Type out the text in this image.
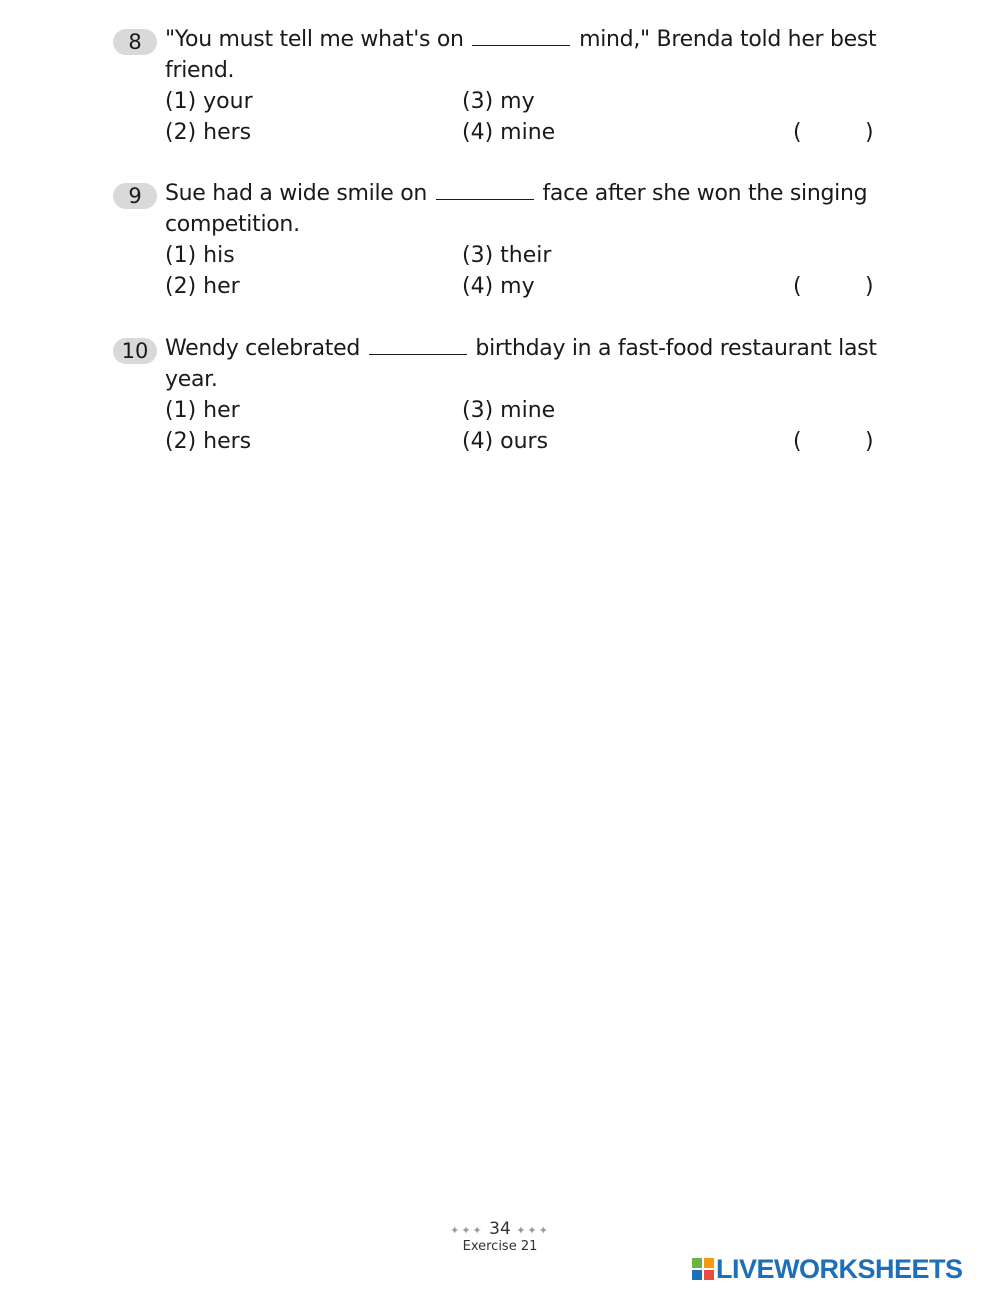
8	"You must tell me what's on	mind," Brenda told her best friend.
(1) your	(3) my
(2) hers	(4) mine	(	)
9	Sue had a wide smile on	face after she won the singing competition.
(1) his	(3) their
(2) her	(4) my	(	)
10 Wendy celebrated	birthday in a fast-food restaurant last year.
(1) her	(3) mine
(2) hers	(4) ours	(	)
✦✦✦ 34 ✦✦✦
Exercise 21
LIVEWORKSHEETS
